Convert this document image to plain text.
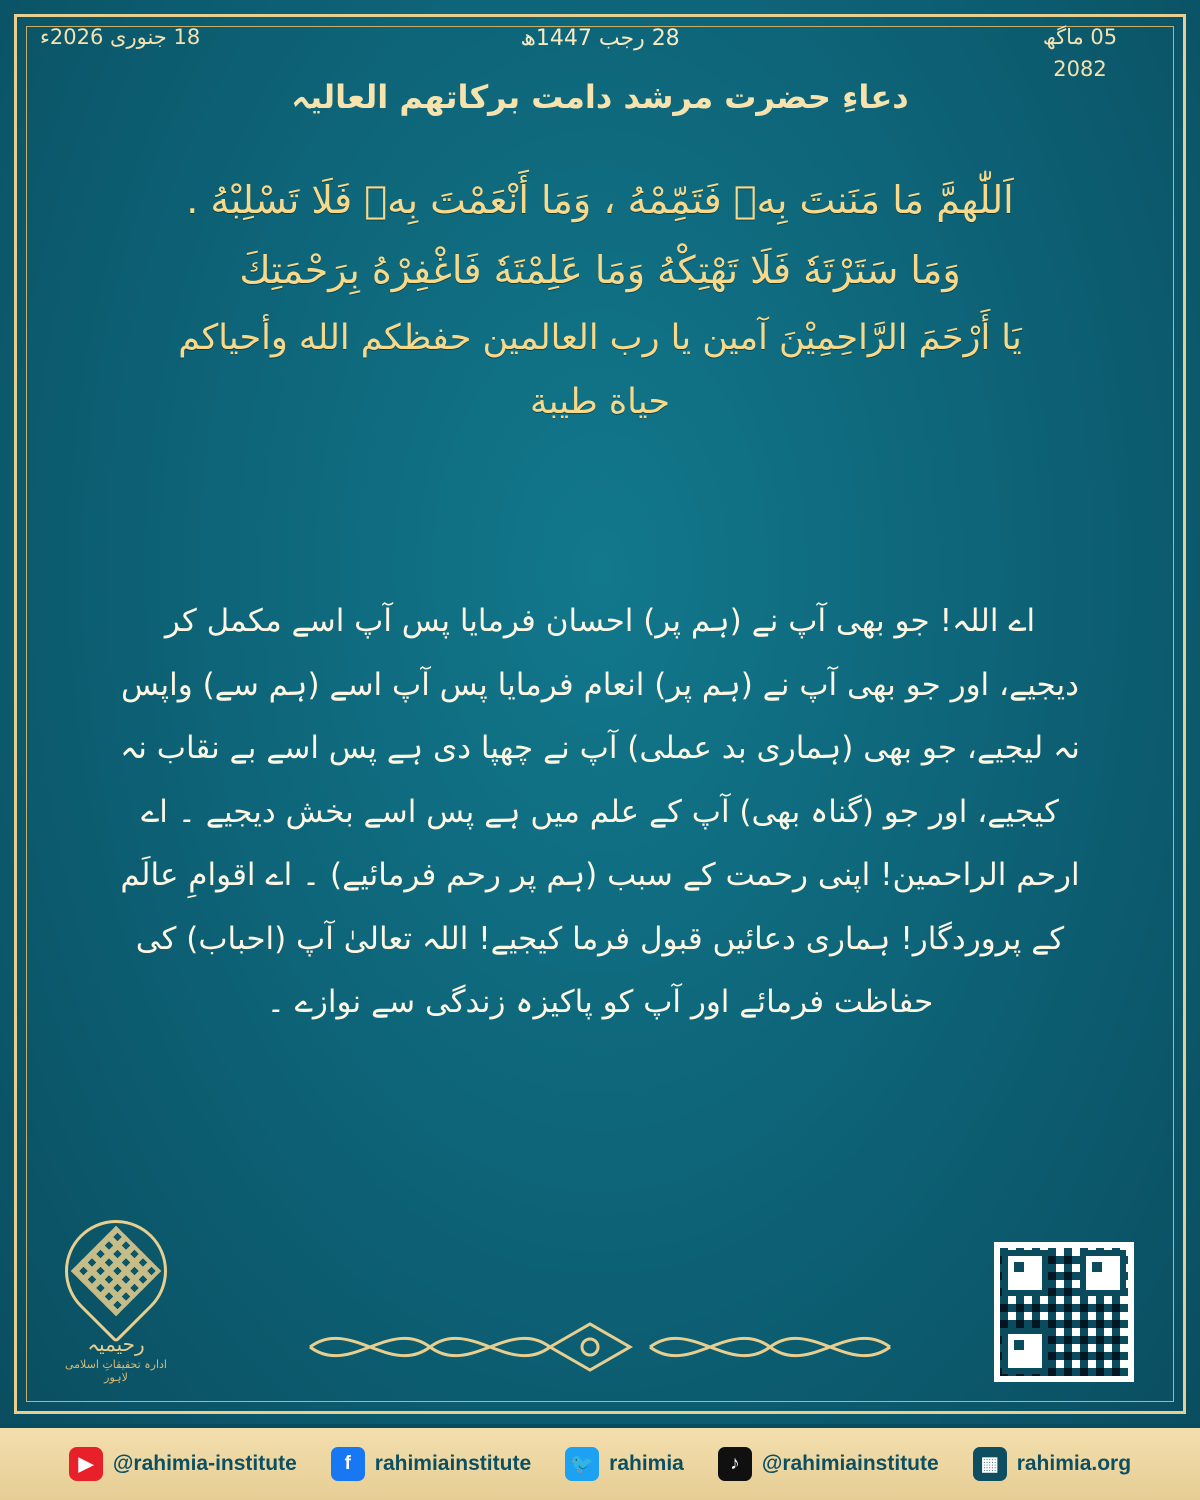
05 ماگھ
2082
28 رجب 1447ھ
18 جنوری 2026ء
دعاءِ حضرت مرشد دامت بركاتهم العالیہ
اَللّٰهمَّ مَا مَنَنتَ بِهٖ فَتَمِّمْهُ ، وَمَا أَنْعَمْتَ بِهٖ فَلَا تَسْلِبْهُ .
وَمَا سَتَرْتَهٗ فَلَا تَهْتِكْهُ وَمَا عَلِمْتَهٗ فَاغْفِرْهُ بِرَحْمَتِكَ
يَا أَرْحَمَ الرَّاحِمِيْنَ آمين يا رب العالمين حفظكم الله وأحياكم
حياة طيبة
اے اللہ! جو بھی آپ نے (ہم پر) احسان فرمایا پس آپ اسے مکمل کر دیجیے، اور جو بھی آپ نے (ہم پر) انعام فرمایا پس آپ اسے (ہم سے) واپس نہ لیجیے، جو بھی (ہماری بد عملی) آپ نے چھپا دی ہے پس اسے بے نقاب نہ کیجیے، اور جو (گناہ بھی) آپ کے علم میں ہے پس اسے بخش دیجیے ۔ اے ارحم الراحمین! اپنی رحمت کے سبب (ہم پر رحم فرمائیے) ۔ اے اقوامِ عالَم کے پروردگار! ہماری دعائیں قبول فرما کیجیے! اللہ تعالیٰ آپ (احباب) کی حفاظت فرمائے اور آپ کو پاکیزہ زندگی سے نوازے ۔
رحیمیہ
ادارہ تحقیقاتِ اسلامی لاہور
▶ @rahimia-institute	f	rahimiainstitute 🐦 rahimia	♪	@rahimiainstitute	▦ rahimia.org
